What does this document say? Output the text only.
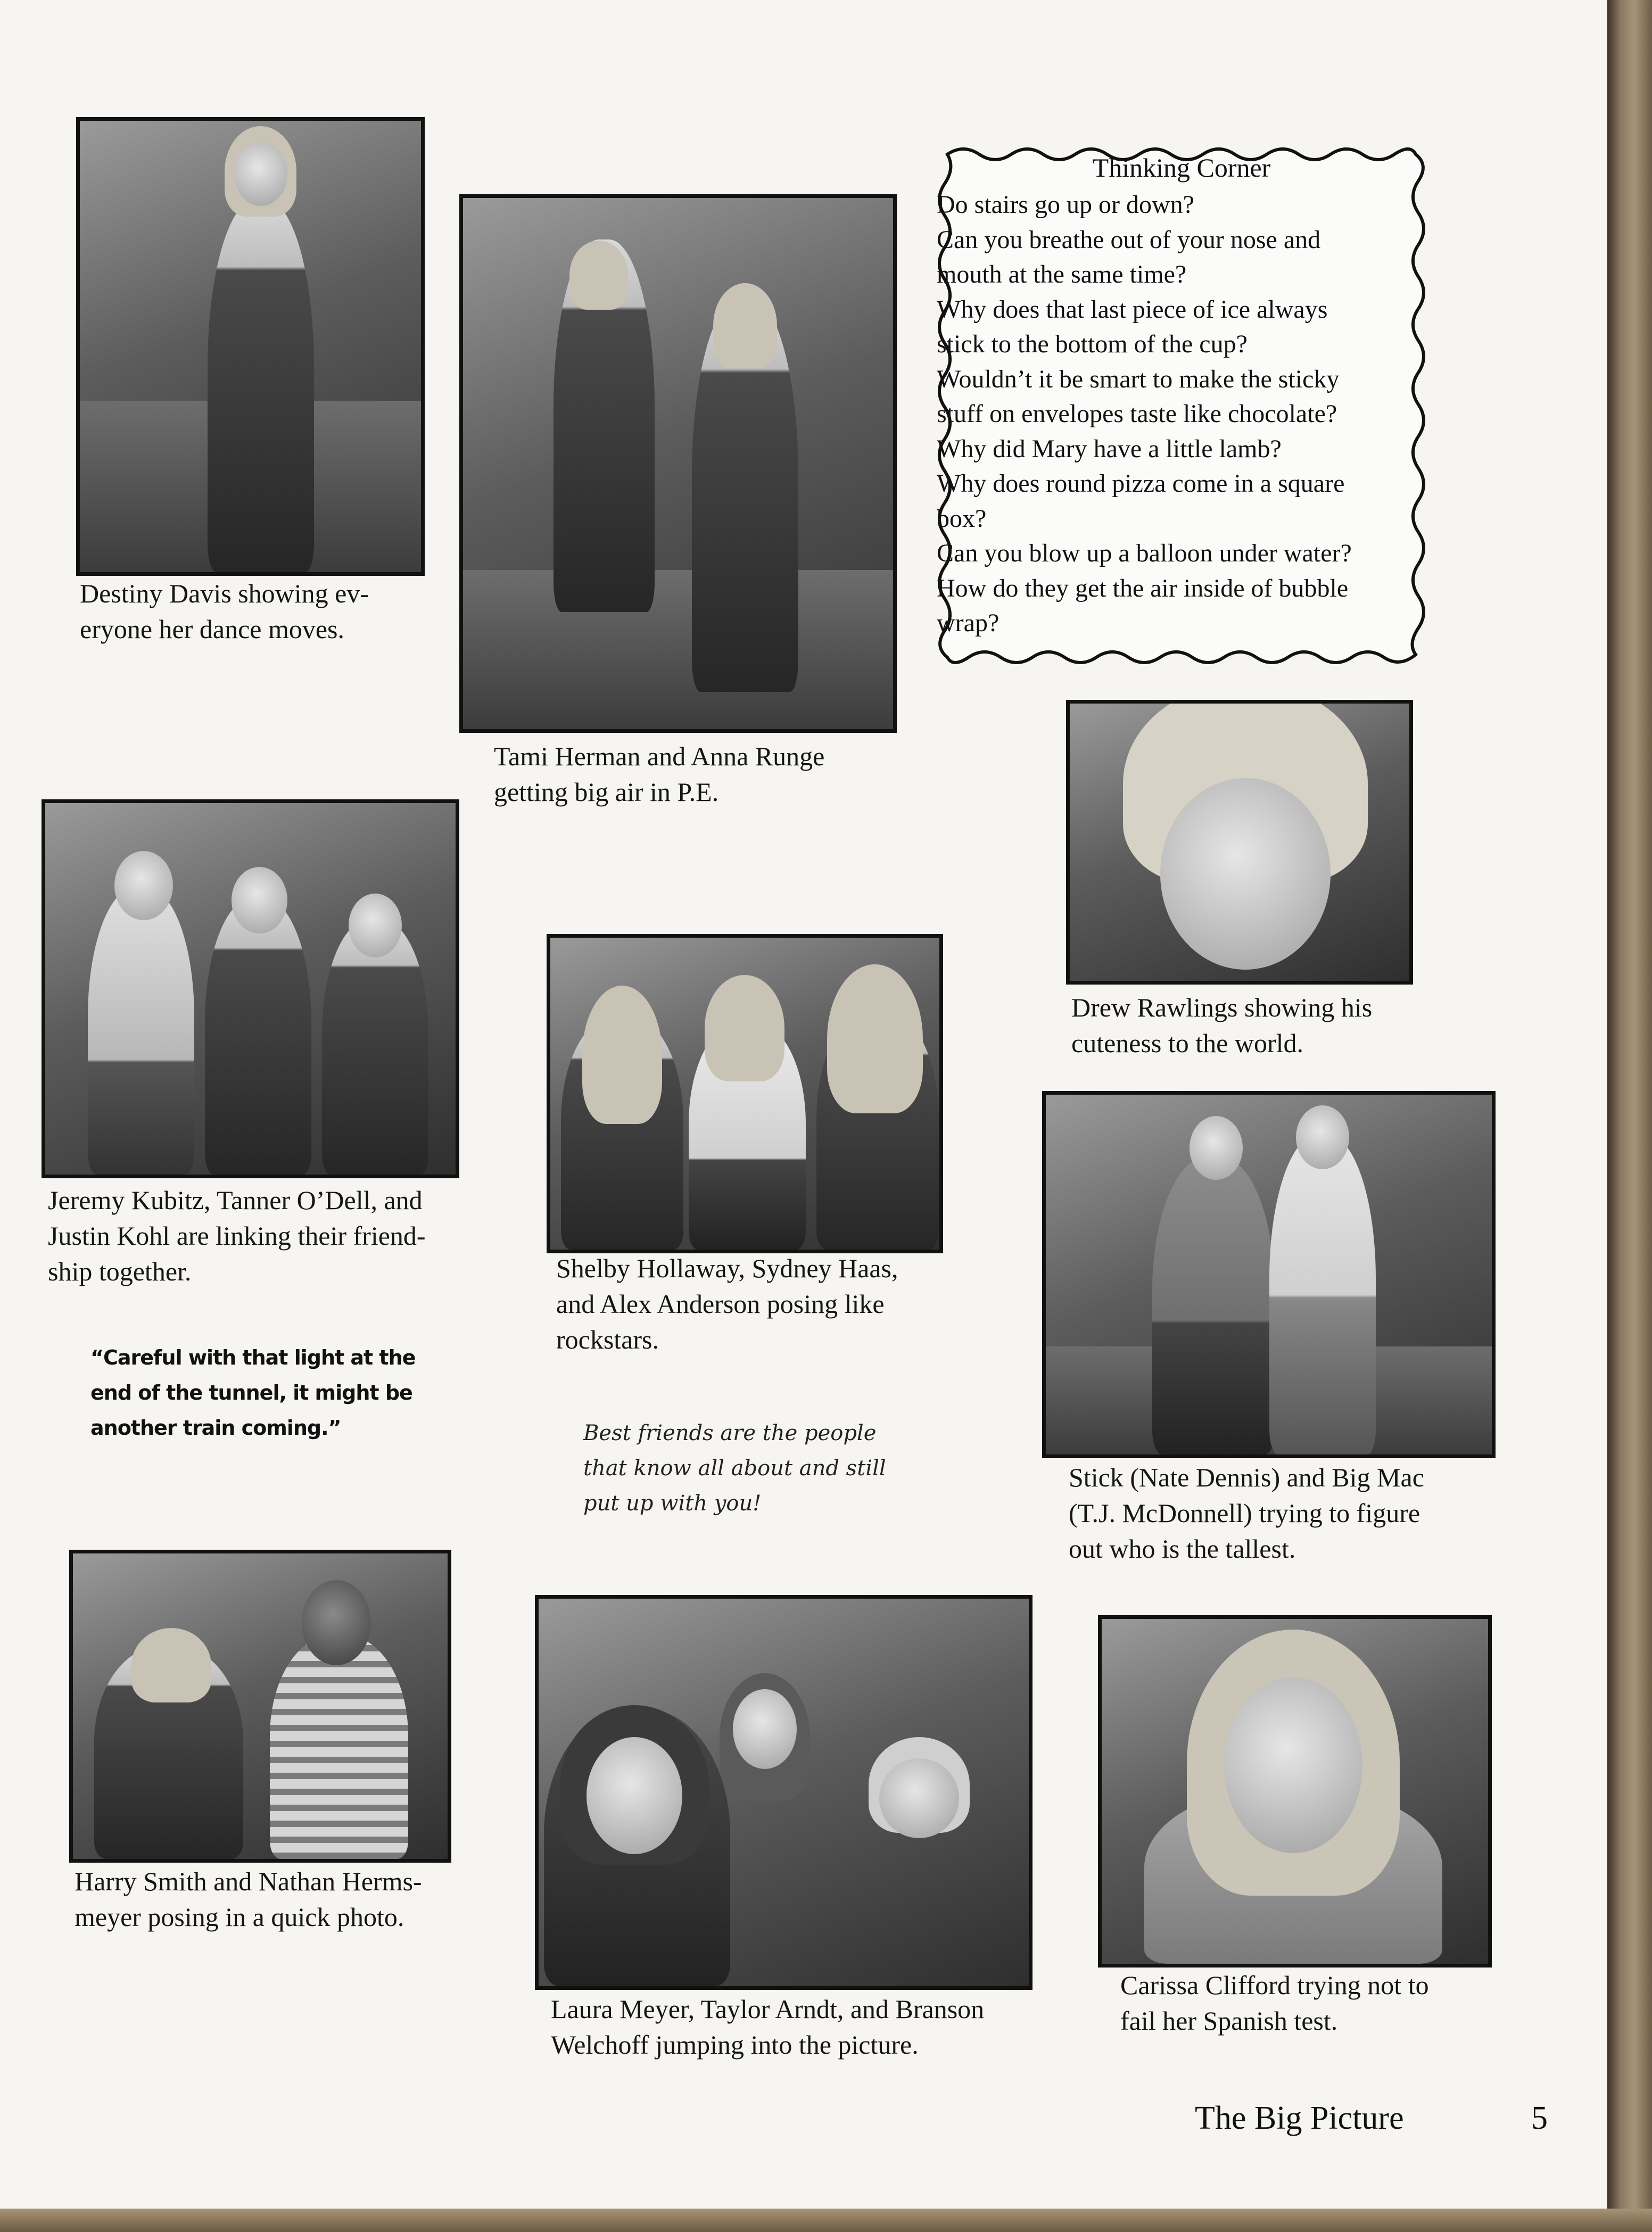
Destiny Davis showing ev-
eryone her dance moves.
Tami Herman and Anna Runge
getting big air in P.E.
Thinking Corner
Do stairs go up or down?
Can you breathe out of your nose and
mouth at the same time?
Why does that last piece of ice always
stick to the bottom of the cup?
Wouldn’t it be smart to make the sticky
stuff on envelopes taste like chocolate?
Why did Mary have a little lamb?
Why does round pizza come in a square
box?
Can you blow up a balloon under water?
How do they get the air inside of bubble
wrap?
Drew Rawlings showing his
cuteness to the world.
Jeremy Kubitz, Tanner O’Dell, and
Justin Kohl are linking their friend-
ship together.	Shelby Hollaway, Sydney Haas,
and Alex Anderson posing like
rockstars.
Stick (Nate Dennis) and Big Mac
(T.J. McDonnell) trying to figure
out who is the tallest.
“Careful with that light at the
end of the tunnel, it might be
another train coming.”	Best friends are the people
that know all about and still
put up with you!
Harry Smith and Nathan Herms-
meyer posing in a quick photo.
Laura Meyer, Taylor Arndt, and Branson
Welchoff jumping into the picture.
Carissa Clifford trying not to
fail her Spanish test.
The Big Picture	5
